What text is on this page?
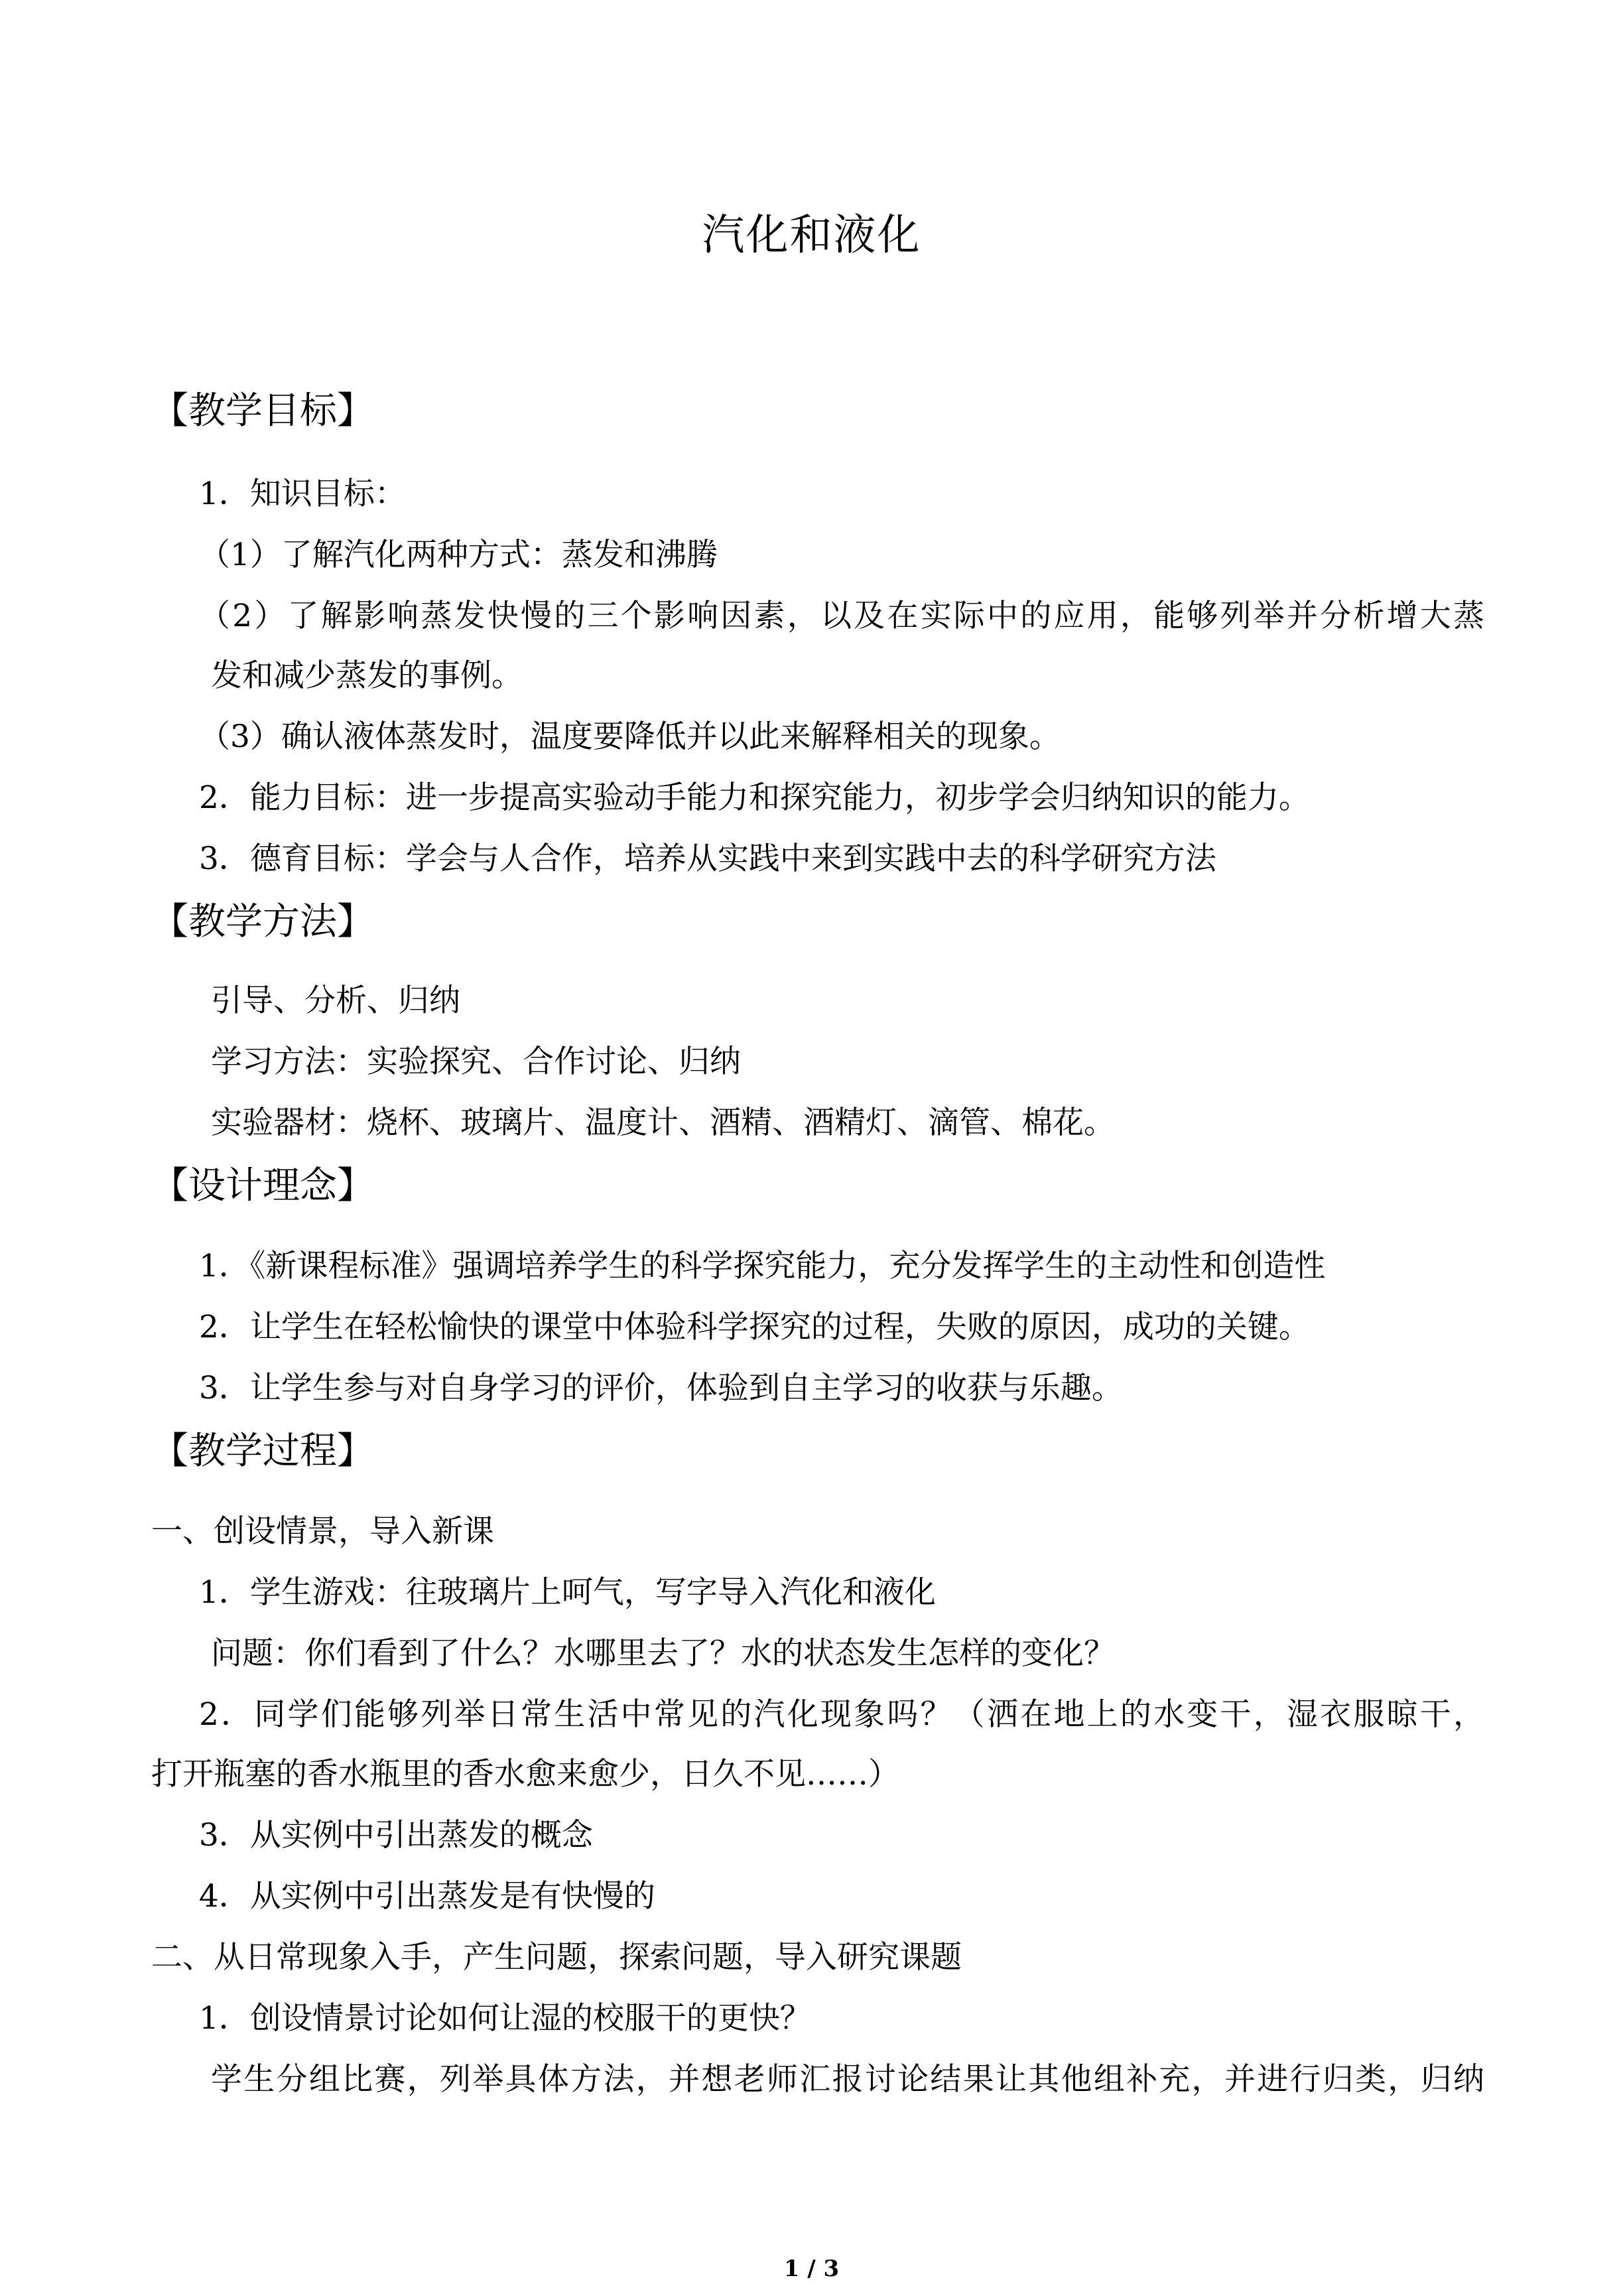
汽化和液化
【教学目标】
1．知识目标：
（1）了解汽化两种方式：蒸发和沸腾
（2）了解影响蒸发快慢的三个影响因素，以及在实际中的应用，能够列举并分析增大蒸
发和减少蒸发的事例。
（3）确认液体蒸发时，温度要降低并以此来解释相关的现象。
2．能力目标：进一步提高实验动手能力和探究能力，初步学会归纳知识的能力。
3．德育目标：学会与人合作，培养从实践中来到实践中去的科学研究方法
【教学方法】
引导、分析、归纳
学习方法：实验探究、合作讨论、归纳
实验器材：烧杯、玻璃片、温度计、酒精、酒精灯、滴管、棉花。
【设计理念】
1．《新课程标准》强调培养学生的科学探究能力，充分发挥学生的主动性和创造性
2．让学生在轻松愉快的课堂中体验科学探究的过程，失败的原因，成功的关键。
3．让学生参与对自身学习的评价，体验到自主学习的收获与乐趣。
【教学过程】
一、创设情景，导入新课
1．学生游戏：往玻璃片上呵气，写字导入汽化和液化
问题：你们看到了什么？水哪里去了？水的状态发生怎样的变化？
2．同学们能够列举日常生活中常见的汽化现象吗？（洒在地上的水变干，湿衣服晾干，
打开瓶塞的香水瓶里的香水愈来愈少，日久不见……）
3．从实例中引出蒸发的概念
4．从实例中引出蒸发是有快慢的
二、从日常现象入手，产生问题，探索问题，导入研究课题
1．创设情景讨论如何让湿的校服干的更快？
学生分组比赛，列举具体方法，并想老师汇报讨论结果让其他组补充，并进行归类，归纳
1 / 3
